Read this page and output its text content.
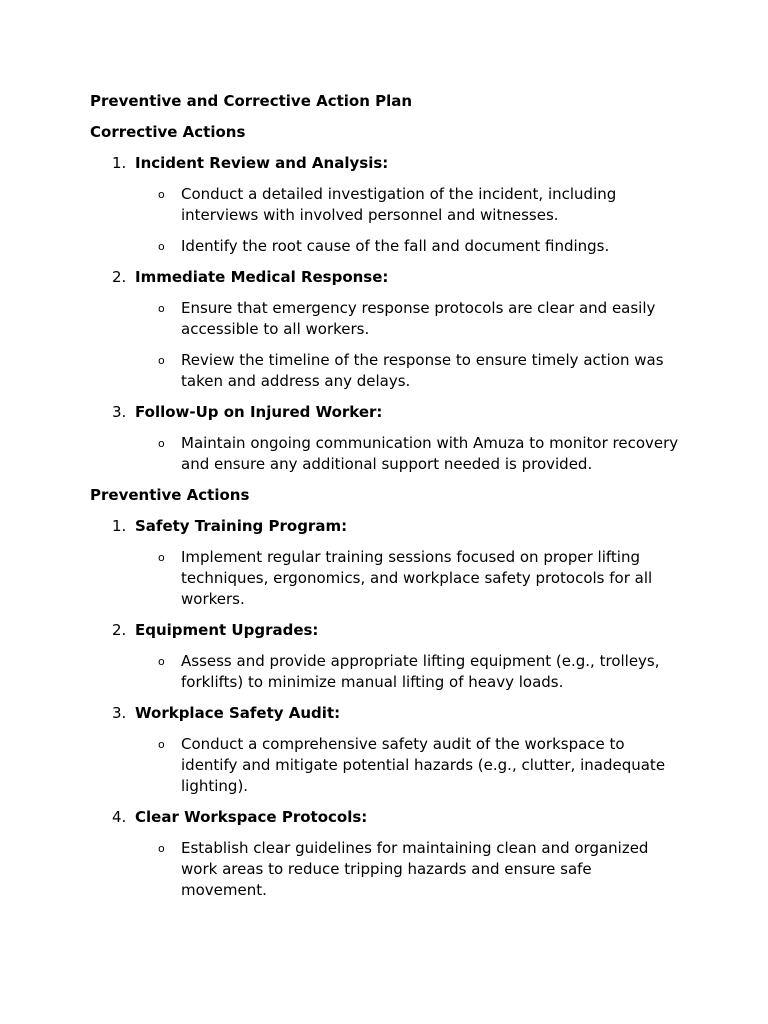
Preventive and Corrective Action Plan
Corrective Actions
1. Incident Review and Analysis:
o Conduct a detailed investigation of the incident, including interviews with involved personnel and witnesses.
o Identify the root cause of the fall and document findings.
2. Immediate Medical Response:
o Ensure that emergency response protocols are clear and easily accessible to all workers.
o Review the timeline of the response to ensure timely action was taken and address any delays.
3. Follow-Up on Injured Worker:
o Maintain ongoing communication with Amuza to monitor recovery and ensure any additional support needed is provided.
Preventive Actions
1. Safety Training Program:
o Implement regular training sessions focused on proper lifting techniques, ergonomics, and workplace safety protocols for all workers.
2. Equipment Upgrades:
o Assess and provide appropriate lifting equipment (e.g., trolleys, forklifts) to minimize manual lifting of heavy loads.
3. Workplace Safety Audit:
o Conduct a comprehensive safety audit of the workspace to identify and mitigate potential hazards (e.g., clutter, inadequate lighting).
4. Clear Workspace Protocols:
o Establish clear guidelines for maintaining clean and organized work areas to reduce tripping hazards and ensure safe movement.
